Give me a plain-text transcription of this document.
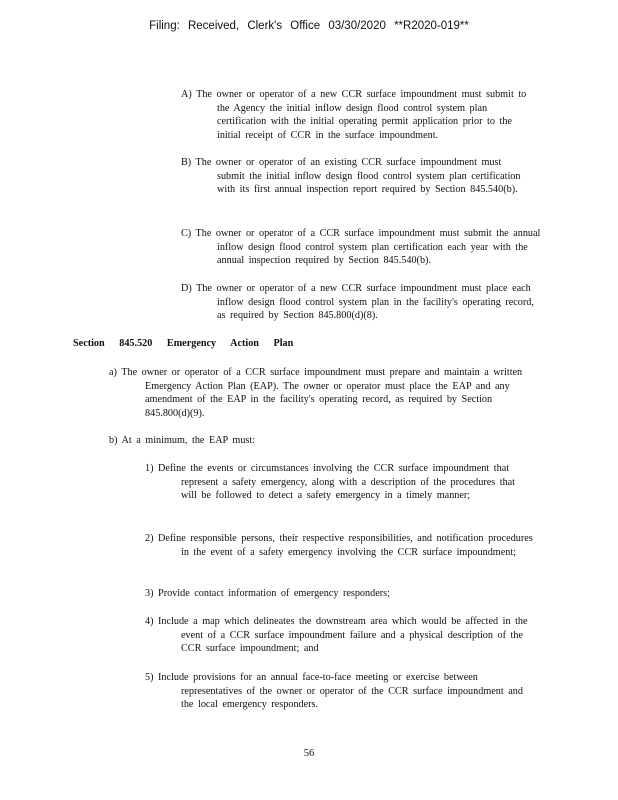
Filing: Received, Clerk's Office 03/30/2020 **R2020-019**
A) The owner or operator of a new CCR surface impoundment must submit to the Agency the initial inflow design flood control system plan certification with the initial operating permit application prior to the initial receipt of CCR in the surface impoundment.
B) The owner or operator of an existing CCR surface impoundment must submit the initial inflow design flood control system plan certification with its first annual inspection report required by Section 845.540(b).
C) The owner or operator of a CCR surface impoundment must submit the annual inflow design flood control system plan certification each year with the annual inspection required by Section 845.540(b).
D) The owner or operator of a new CCR surface impoundment must place each inflow design flood control system plan in the facility's operating record, as required by Section 845.800(d)(8).
Section 845.520 Emergency Action Plan
a) The owner or operator of a CCR surface impoundment must prepare and maintain a written Emergency Action Plan (EAP). The owner or operator must place the EAP and any amendment of the EAP in the facility's operating record, as required by Section 845.800(d)(9).
b) At a minimum, the EAP must:
1) Define the events or circumstances involving the CCR surface impoundment that represent a safety emergency, along with a description of the procedures that will be followed to detect a safety emergency in a timely manner;
2) Define responsible persons, their respective responsibilities, and notification procedures in the event of a safety emergency involving the CCR surface impoundment;
3) Provide contact information of emergency responders;
4) Include a map which delineates the downstream area which would be affected in the event of a CCR surface impoundment failure and a physical description of the CCR surface impoundment; and
5) Include provisions for an annual face-to-face meeting or exercise between representatives of the owner or operator of the CCR surface impoundment and the local emergency responders.
56
